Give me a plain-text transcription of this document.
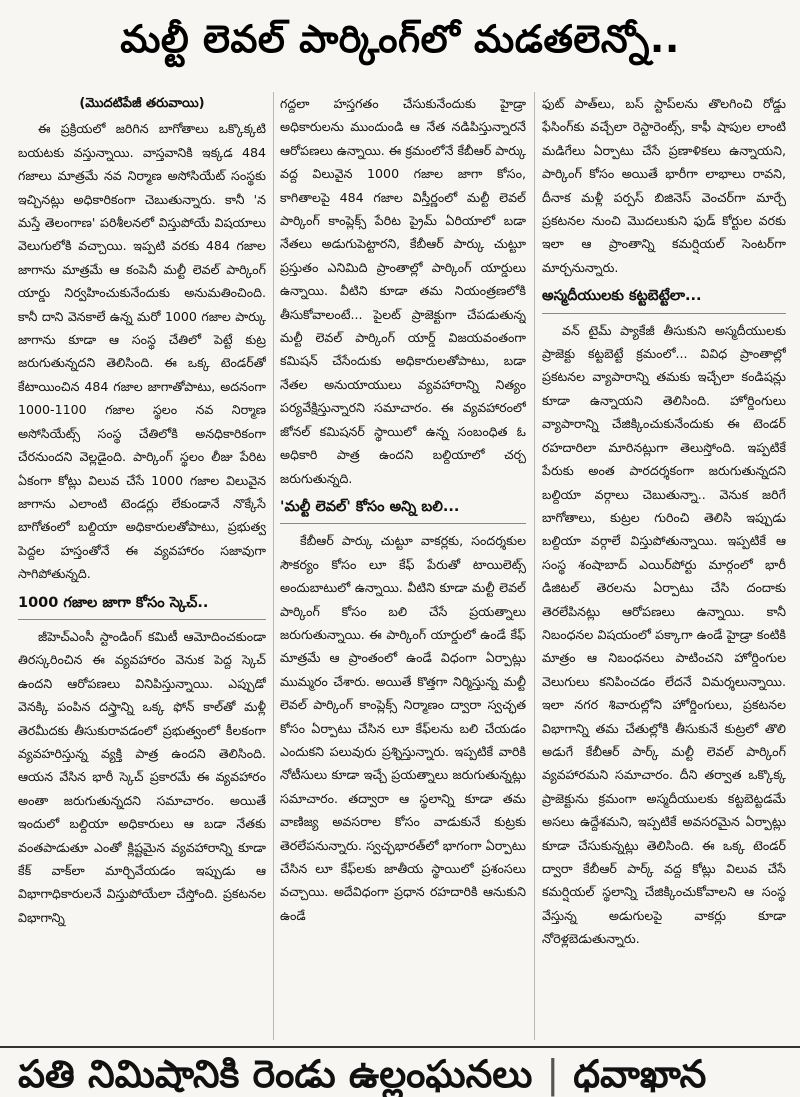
మల్టీ లెవల్ పార్కింగ్‌లో మడతలెన్నో..
(మొదటిపేజీ తరువాయి)
ఈ ప్రక్రియలో జరిగిన బాగోతాలు ఒక్కొక్కటి బయటకు వస్తున్నాయి. వాస్తవానికి ఇక్కడ 484 గజాలు మాత్రమే నవ నిర్మాణ అసోసియేట్ సంస్థకు ఇచ్చినట్లు అధికారికంగా చెబుతున్నారు. కానీ 'న మస్తే తెలంగాణ' పరిశీలనలో విస్తుపోయే విషయాలు వెలుగులోకి వచ్చాయి. ఇప్పటి వరకు 484 గజాల జాగాను మాత్రమే ఆ కంపెనీ మల్టీ లెవల్ పార్కింగ్ యార్డు నిర్వహించుకునేందుకు అనుమతించింది. కానీ దాని వెనకాలే ఉన్న మరో 1000 గజాల పార్కు జాగాను కూడా ఆ సంస్థ చేతిలో పెట్టే కుట్ర జరుగుతున్నదని తెలిసింది. ఈ ఒక్క టెండర్‌తో కేటాయించిన 484 గజాల జాగాతోపాటు, అదనంగా 1000-1100 గజాల స్థలం నవ నిర్మాణ అసోసియేట్స్ సంస్థ చేతిలోకి అనధికారికంగా చేరనుందని వెల్లడైంది. పార్కింగ్ స్థలం లీజు పేరిట ఏకంగా కోట్లు విలువ చేసే 1000 గజాల విలువైన జాగాను ఎలాంటి టెండర్లు లేకుండానే నొక్కేసే బాగోతంలో బల్దియా అధికారులతోపాటు, ప్రభుత్వ పెద్దల హస్తంతోనే ఈ వ్యవహారం సజావుగా సాగిపోతున్నది.
1000 గజాల జాగా కోసం స్కెచ్..
జీహెచ్‌ఎంసీ స్టాండింగ్ కమిటీ ఆమోదించకుండా తిరస్కరించిన ఈ వ్యవహారం వెనుక పెద్ద స్కెచ్ ఉందని ఆరోపణలు వినిపిస్తున్నాయి. ఎప్పుడో వెనక్కి పంపిన దస్త్రాన్ని ఒక్క ఫోన్ కాల్‌తో మళ్లీ తెరమీదకు తీసుకురావడంలో ప్రభుత్వంలో కీలకంగా వ్యవహరిస్తున్న వ్యక్తి పాత్ర ఉందని తెలిసింది. ఆయన వేసిన భారీ స్కెచ్ ప్రకారమే ఈ వ్యవహారం అంతా జరుగుతున్నదని సమాచారం. అయితే ఇందులో బల్దియా అధికారులు ఆ బడా నేతకు వంతపాడుతూ ఎంతో క్లిష్టమైన వ్యవహారాన్ని కూడా కేక్ వాక్‌లా మార్చివేయడం ఇప్పుడు ఆ విభాగాధికారులనే విస్తుపోయేలా చేస్తోంది. ప్రకటనల విభాగాన్ని
గద్దలా హస్తగతం చేసుకునేందుకు హైడ్రా అధికారులను ముందుండి ఆ నేత నడిపిస్తున్నారనే ఆరోపణలు ఉన్నాయి. ఈ క్రమంలోనే కేబీఆర్ పార్కు వద్ద విలువైన 1000 గజాల జాగా కోసం, కాగితాలపై 484 గజాల విస్తీర్ణంలో మల్టీ లెవల్ పార్కింగ్ కాంప్లెక్స్ పేరిట ప్రైమ్ ఏరియాలో బడా నేతలు అడుగుపెట్టారని, కేబీఆర్ పార్కు చుట్టూ ప్రస్తుతం ఎనిమిది ప్రాంతాల్లో పార్కింగ్ యార్డులు ఉన్నాయి. వీటిని కూడా తమ నియంత్రణలోకి తీసుకోవాలంటే... పైలట్ ప్రాజెక్టుగా చేపడుతున్న మల్టీ లెవల్ పార్కింగ్ యార్డ్ విజయవంతంగా కమిషన్ చేసేందుకు అధికారులతోపాటు, బడా నేతల అనుయాయులు వ్యవహారాన్ని నిత్యం పర్యవేక్షిస్తున్నారని సమాచారం. ఈ వ్యవహారంలో జోనల్ కమిషనర్ స్థాయిలో ఉన్న సంబంధిత ఓ అధికారి పాత్ర ఉందని బల్దియాలో చర్చ జరుగుతున్నది.
'మల్టీ లెవల్' కోసం అన్ని బలి...
కేబీఆర్ పార్కు చుట్టూ వాకర్లకు, సందర్శకుల సౌకర్యం కోసం లూ కేఫ్ పేరుతో టాయిలెట్స్ అందుబాటులో ఉన్నాయి. వీటిని కూడా మల్టీ లెవల్ పార్కింగ్ కోసం బలి చేసే ప్రయత్నాలు జరుగుతున్నాయి. ఈ పార్కింగ్ యార్డులో ఉండే కేఫ్ మాత్రమే ఆ ప్రాంతంలో ఉండే విధంగా ఏర్పాట్లు ముమ్మరం చేశారు. అయితే కొత్తగా నిర్మిస్తున్న మల్టీ లెవల్ పార్కింగ్ కాంప్లెక్స్ నిర్మాణం ద్వారా స్వచ్ఛత కోసం ఏర్పాటు చేసిన లూ కేఫ్‌లను బలి చేయడం ఎందుకని పలువురు ప్రశ్నిస్తున్నారు. ఇప్పటికే వారికి నోటీసులు కూడా ఇచ్చే ప్రయత్నాలు జరుగుతున్నట్లు సమాచారం. తద్వారా ఆ స్థలాన్ని కూడా తమ వాణిజ్య అవసరాల కోసం వాడుకునే కుట్రకు తెరలేపనున్నారు. స్వచ్ఛభారత్‌లో భాగంగా ఏర్పాటు చేసిన లూ కేఫ్‌లకు జాతీయ స్థాయిలో ప్రశంసలు వచ్చాయి. అదేవిధంగా ప్రధాన రహదారికి ఆనుకుని ఉండే
ఫుట్ పాత్‌లు, బస్ స్టాప్‌లను తొలగించి రోడ్డు ఫేసింగ్‌కు వచ్చేలా రెస్టారెంట్స్, కాఫీ షాపుల లాంటి మడిగేలు ఏర్పాటు చేసే ప్రణాళికలు ఉన్నాయని, పార్కింగ్ కోసం అయితే భారీగా లాభాలు రావని, దీనాక మళ్లీ పర్పస్ బిజినెస్ వెంచర్‌గా మార్చే ప్రకటనల నుంచి మొదలుకుని ఫుడ్ కోర్టుల వరకు ఇలా ఆ ప్రాంతాన్ని కమర్షియల్ సెంటర్‌గా మార్చనున్నారు.
అస్మదీయులకు కట్టబెట్టేలా...
వన్ టైమ్ ప్యాకేజీ తీసుకుని అస్మదీయులకు ప్రాజెక్టు కట్టబెట్టే క్రమంలో... వివిధ ప్రాంతాల్లో ప్రకటనల వ్యాపారాన్ని తమకు ఇచ్చేలా కండిషన్లు కూడా ఉన్నాయని తెలిసింది. హోర్డింగులు వ్యాపారాన్ని చేజిక్కించుకునేందుకు ఈ టెండర్ రహదారిలా మారినట్లుగా తెలుస్తోంది. ఇప్పటికే పేరుకు అంత పారదర్శకంగా జరుగుతున్నదని బల్దియా వర్గాలు చెబుతున్నా.. వెనుక జరిగే బాగోతాలు, కుట్రల గురించి తెలిసి ఇప్పుడు బల్దియా వర్గాలే విస్తుపోతున్నాయి. ఇప్పటికే ఆ సంస్థ శంషాబాద్ ఎయిర్‌పోర్టు మార్గంలో భారీ డిజిటల్ తెరలను ఏర్పాటు చేసి దందాకు తెరలేపినట్లు ఆరోపణలు ఉన్నాయి. కానీ నిబంధనల విషయంలో పక్కాగా ఉండే హైడ్రా కంటికి మాత్రం ఆ నిబంధనలు పాటించని హోర్డింగుల వెలుగులు కనిపించడం లేదనే విమర్శలున్నాయి. ఇలా నగర శివారుల్లోని హోర్డింగులు, ప్రకటనల విభాగాన్ని తమ చేతుల్లోకి తీసుకునే కుట్రలో తొలి అడుగే కేబీఆర్ పార్క్ మల్టీ లెవల్ పార్కింగ్ వ్యవహారమని సమాచారం. దీని తర్వాత ఒక్కొక్క ప్రాజెక్టును క్రమంగా అస్మదీయులకు కట్టబెట్టడమే అసలు ఉద్దేశమని, ఇప్పటికే అవసరమైన ఏర్పాట్లు కూడా చేసుకున్నట్లు తెలిసింది. ఈ ఒక్క టెండర్ ద్వారా కేబీఆర్ పార్క్ వద్ద కోట్లు విలువ చేసే కమర్షియల్ స్థలాన్ని చేజిక్కించుకోవాలని ఆ సంస్థ వేస్తున్న అడుగులపై వాకర్లు కూడా నోరెళ్లబెడుతున్నారు.
పతి నిమిషానికి రెండు ఉల్లంఘనలు | ధవాఖాన
